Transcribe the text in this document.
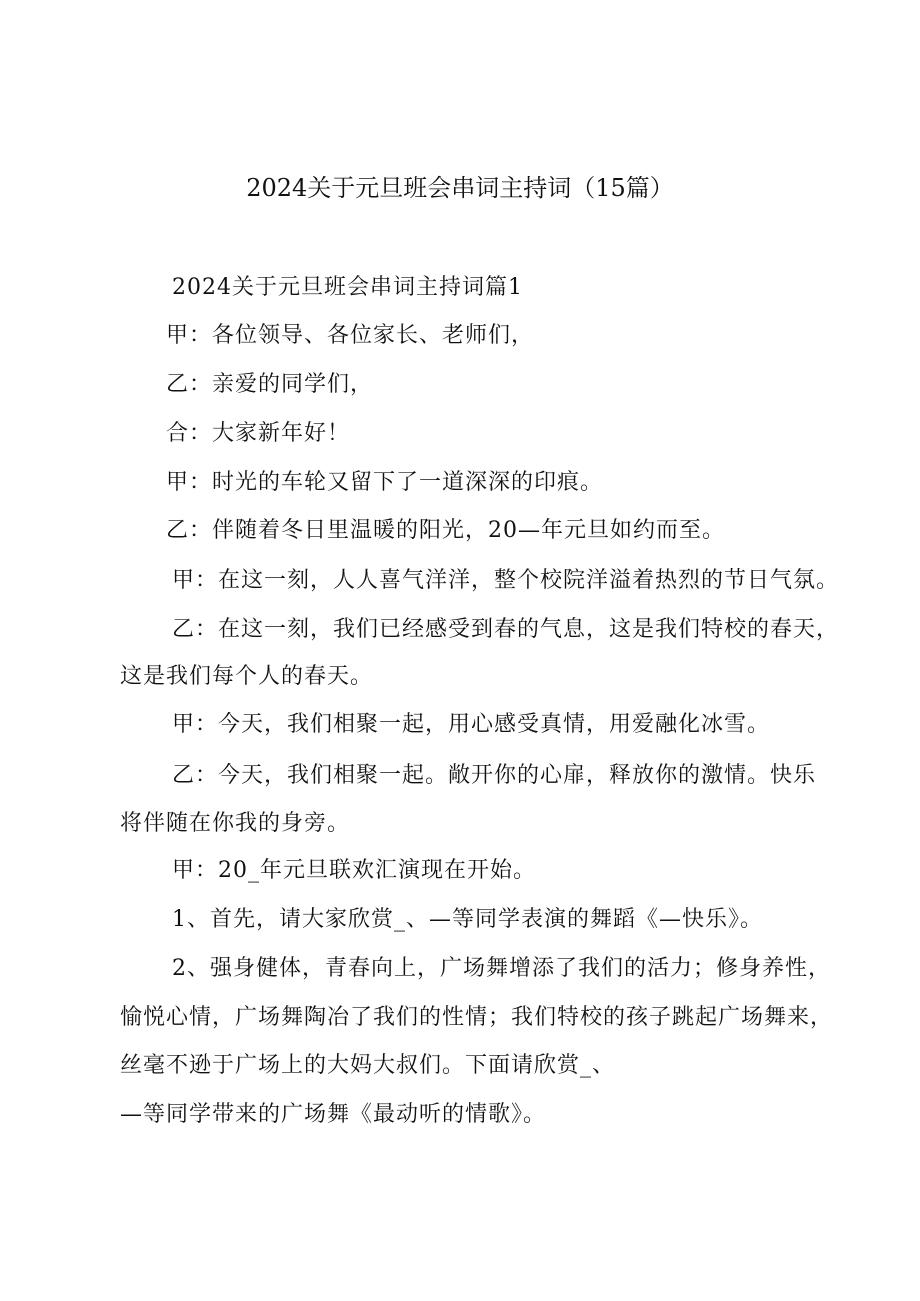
2024关于元旦班会串词主持词（15篇）
2024关于元旦班会串词主持词篇1
甲：各位领导、各位家长、老师们，
乙：亲爱的同学们，
合：大家新年好！
甲：时光的车轮又留下了一道深深的印痕。
乙：伴随着冬日里温暖的阳光，20—年元旦如约而至。
甲：在这一刻，人人喜气洋洋，整个校院洋溢着热烈的节日气氛。
乙：在这一刻，我们已经感受到春的气息，这是我们特校的春天，
这是我们每个人的春天。
甲：今天，我们相聚一起，用心感受真情，用爱融化冰雪。
乙：今天，我们相聚一起。敞开你的心扉，释放你的激情。快乐
将伴随在你我的身旁。
甲：20_年元旦联欢汇演现在开始。
1、首先，请大家欣赏_、—等同学表演的舞蹈《—快乐》。
2、强身健体，青春向上，广场舞增添了我们的活力；修身养性，
愉悦心情，广场舞陶冶了我们的性情；我们特校的孩子跳起广场舞来，
丝毫不逊于广场上的大妈大叔们。下面请欣赏_、
—等同学带来的广场舞《最动听的情歌》。
